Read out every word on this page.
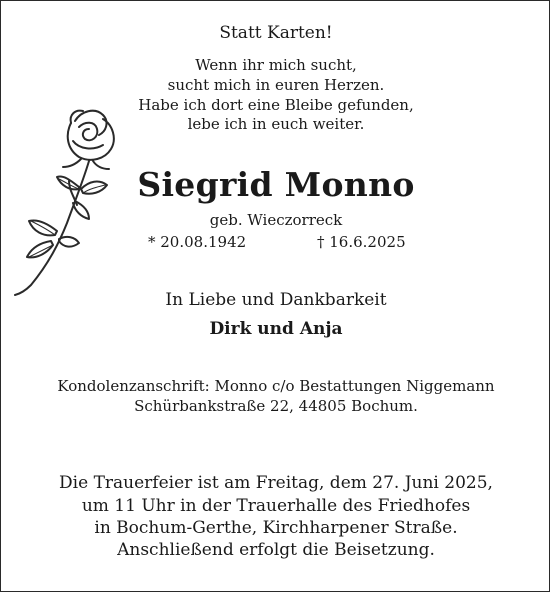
Statt Karten!

Wenn ihr mich sucht,

sucht mich in euren Herzen.

Habe ich dort eine Bleibe gefunden,

lebe ich in euch weiter.

Siegrid Monno

geb. Wieczorreck

* 20.08.1942	† 16.6.2025

In Liebe und Dankbarkeit

Dirk und Anja

Kondolenzanschrift: Monno c/o Bestattungen Niggemann

Schürbankstraße 22, 44805 Bochum.

Die Trauerfeier ist am Freitag, dem 27. Juni 2025,

um 11 Uhr in der Trauerhalle des Friedhofes

in Bochum-Gerthe, Kirchharpener Straße.

Anschließend erfolgt die Beisetzung.
